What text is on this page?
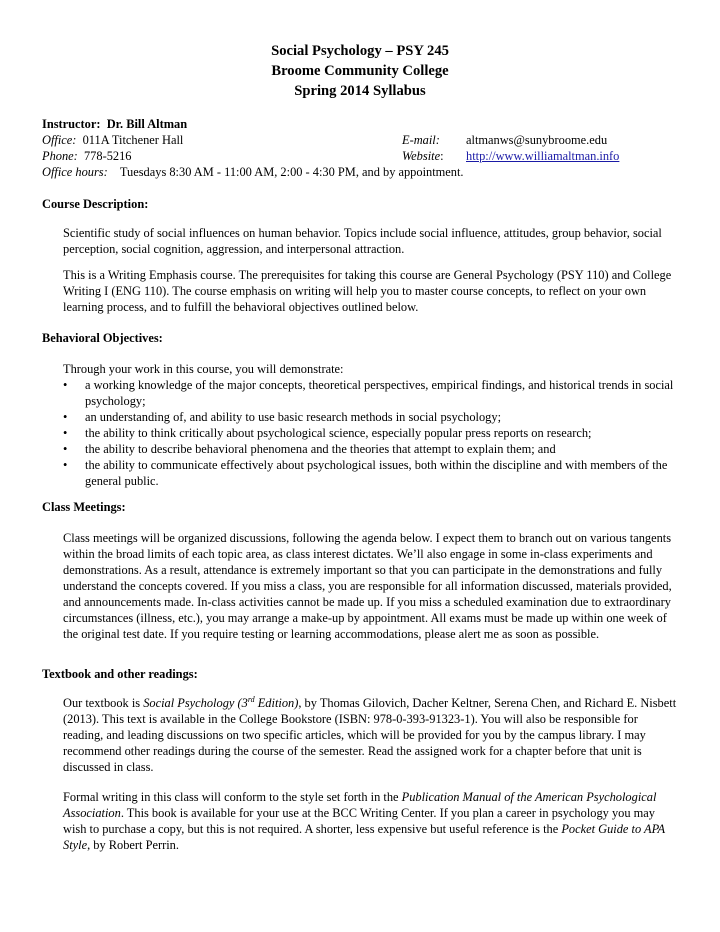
Social Psychology – PSY 245
Broome Community College
Spring 2014 Syllabus
Instructor: Dr. Bill Altman
Office: 011A Titchener Hall	E-mail: altmanws@sunybroome.edu
Phone: 778-5216	Website: http://www.williamaltman.info
Office hours: Tuesdays 8:30 AM - 11:00 AM, 2:00 - 4:30 PM, and by appointment.
Course Description:
Scientific study of social influences on human behavior. Topics include social influence, attitudes, group behavior, social perception, social cognition, aggression, and interpersonal attraction.
This is a Writing Emphasis course. The prerequisites for taking this course are General Psychology (PSY 110) and College Writing I (ENG 110). The course emphasis on writing will help you to master course concepts, to reflect on your own learning process, and to fulfill the behavioral objectives outlined below.
Behavioral Objectives:
Through your work in this course, you will demonstrate:
• a working knowledge of the major concepts, theoretical perspectives, empirical findings, and historical trends in social psychology;
• an understanding of, and ability to use basic research methods in social psychology;
• the ability to think critically about psychological science, especially popular press reports on research;
• the ability to describe behavioral phenomena and the theories that attempt to explain them; and
• the ability to communicate effectively about psychological issues, both within the discipline and with members of the general public.
Class Meetings:
Class meetings will be organized discussions, following the agenda below. I expect them to branch out on various tangents within the broad limits of each topic area, as class interest dictates. We’ll also engage in some in-class experiments and demonstrations. As a result, attendance is extremely important so that you can participate in the demonstrations and fully understand the concepts covered. If you miss a class, you are responsible for all information discussed, materials provided, and announcements made. In-class activities cannot be made up. If you miss a scheduled examination due to extraordinary circumstances (illness, etc.), you may arrange a make-up by appointment. All exams must be made up within one week of the original test date. If you require testing or learning accommodations, please alert me as soon as possible.
Textbook and other readings:
Our textbook is Social Psychology (3rd Edition), by Thomas Gilovich, Dacher Keltner, Serena Chen, and Richard E. Nisbett (2013). This text is available in the College Bookstore (ISBN: 978-0-393-91323-1). You will also be responsible for reading, and leading discussions on two specific articles, which will be provided for you by the campus library. I may recommend other readings during the course of the semester. Read the assigned work for a chapter before that unit is discussed in class.
Formal writing in this class will conform to the style set forth in the Publication Manual of the American Psychological Association. This book is available for your use at the BCC Writing Center. If you plan a career in psychology you may wish to purchase a copy, but this is not required. A shorter, less expensive but useful reference is the Pocket Guide to APA Style, by Robert Perrin.
